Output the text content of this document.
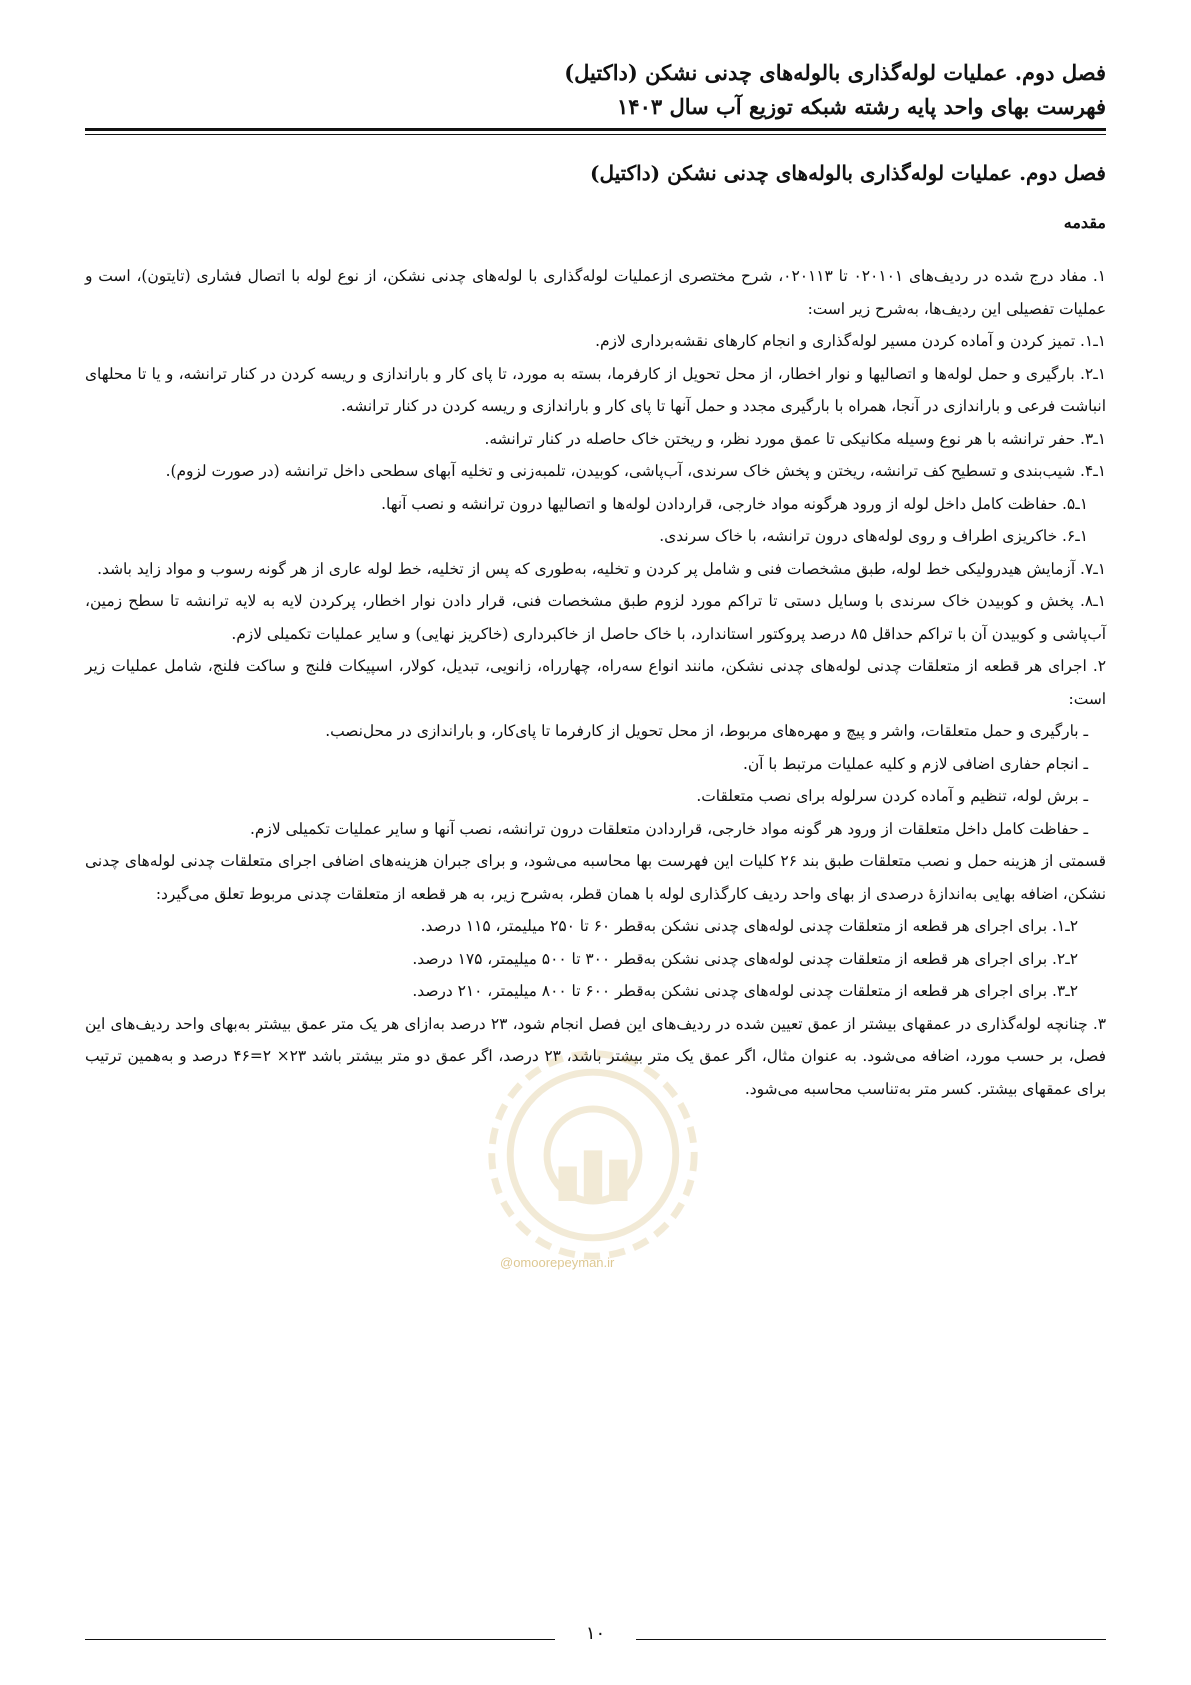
فصل دوم. عملیات لوله‌گذاری بالوله‌های چدنی نشکن (داکتیل)
فهرست بهای واحد پایه رشته شبکه توزیع آب سال ۱۴۰۳
فصل دوم. عملیات لوله‌گذاری بالوله‌های چدنی نشکن (داکتیل)
مقدمه

۱. مفاد درج شده در ردیف‌های ۰۲۰۱۰۱ تا ۰۲۰۱۱۳، شرح مختصری ازعملیات لوله‌گذاری با لوله‌های چدنی نشکن، از نوع لوله با اتصال فشاری (تایتون)، است و عملیات تفصیلی این ردیف‌ها، به‌شرح زیر است:

۱ـ۱. تمیز کردن و آماده کردن مسیر لوله‌گذاری و انجام کارهای نقشه‌برداری لازم.

۱ـ۲. بارگیری و حمل لوله‌ها و اتصالیها و نوار اخطار، از محل تحویل از کارفرما، بسته به مورد، تا پای کار و باراندازی و ریسه کردن در کنار ترانشه، و یا تا محلهای انباشت فرعی و باراندازی در آنجا، همراه با بارگیری مجدد و حمل آنها تا پای کار و باراندازی و ریسه کردن در کنار ترانشه.

۱ـ۳. حفر ترانشه با هر نوع وسیله مکانیکی تا عمق مورد نظر، و ریختن خاک حاصله در کنار ترانشه.

۱ـ۴. شیب‌بندی و تسطیح کف ترانشه، ریختن و پخش خاک سرندی، آب‌پاشی، کوبیدن، تلمبه‌زنی و تخلیه آبهای سطحی داخل ترانشه (در صورت لزوم).

۱ـ۵. حفاظت کامل داخل لوله از ورود هرگونه مواد خارجی، قراردادن لوله‌ها و اتصالیها درون ترانشه و نصب آنها.

۱ـ۶. خاکریزی اطراف و روی لوله‌های درون ترانشه، با خاک سرندی.

۱ـ۷. آزمایش هیدرولیکی خط لوله، طبق مشخصات فنی و شامل پر کردن و تخلیه، به‌طوری که پس از تخلیه، خط لوله عاری از هر گونه رسوب و مواد زاید باشد.

۱ـ۸. پخش و کوبیدن خاک سرندی با وسایل دستی تا تراکم مورد لزوم طبق مشخصات فنی، قرار دادن نوار اخطار، پرکردن لایه به لایه ترانشه تا سطح زمین، آب‌پاشی و کوبیدن آن با تراکم حداقل ۸۵ درصد پروکتور استاندارد، با خاک حاصل از خاکبرداری (خاکریز نهایی) و سایر عملیات تکمیلی لازم.

۲. اجرای هر قطعه از متعلقات چدنی لوله‌های چدنی نشکن، مانند انواع سه‌راه، چهارراه، زانویی، تبدیل، کولار، اسپیکات فلنج و ساکت فلنج، شامل عملیات زیر است:

ـ بارگیری و حمل متعلقات، واشر و پیچ و مهره‌های مربوط، از محل تحویل از کارفرما تا پای‌کار، و باراندازی در محل‌نصب.

ـ انجام حفاری اضافی لازم و کلیه عملیات مرتبط با آن.

ـ برش لوله، تنظیم و آماده کردن سرلوله برای نصب متعلقات.

ـ حفاظت کامل داخل متعلقات از ورود هر گونه مواد خارجی، قراردادن متعلقات درون ترانشه، نصب آنها و سایر عملیات تکمیلی لازم.

قسمتی از هزینه حمل و نصب متعلقات طبق بند ۲۶ کلیات این فهرست بها محاسبه می‌شود، و برای جبران هزینه‌های اضافی اجرای متعلقات چدنی لوله‌های چدنی نشکن، اضافه بهایی به‌اندازهٔ درصدی از بهای واحد ردیف کارگذاری لوله با همان قطر، به‌شرح زیر، به هر قطعه از متعلقات چدنی مربوط تعلق می‌گیرد:

۲ـ۱. برای اجرای هر قطعه از متعلقات چدنی لوله‌های چدنی نشکن به‌قطر ۶۰ تا ۲۵۰ میلیمتر، ۱۱۵ درصد.

۲ـ۲. برای اجرای هر قطعه از متعلقات چدنی لوله‌های چدنی نشکن به‌قطر ۳۰۰ تا ۵۰۰ میلیمتر، ۱۷۵ درصد.

۲ـ۳. برای اجرای هر قطعه از متعلقات چدنی لوله‌های چدنی نشکن به‌قطر ۶۰۰ تا ۸۰۰ میلیمتر، ۲۱۰ درصد.

۳. چنانچه لوله‌گذاری در عمقهای بیشتر از عمق تعیین شده در ردیف‌های این فصل انجام شود، ۲۳ درصد به‌ازای هر یک متر عمق بیشتر به‌بهای واحد ردیف‌های این فصل، بر حسب مورد، اضافه می‌شود. به عنوان مثال، اگر عمق یک متر بیشتر باشد، ۲۳ درصد، اگر عمق دو متر بیشتر باشد ۲۳× ۲=۴۶ درصد و به‌همین ترتیب برای عمقهای بیشتر. کسر متر به‌تناسب محاسبه می‌شود.

@omoorepeyman.ir
۱۰
